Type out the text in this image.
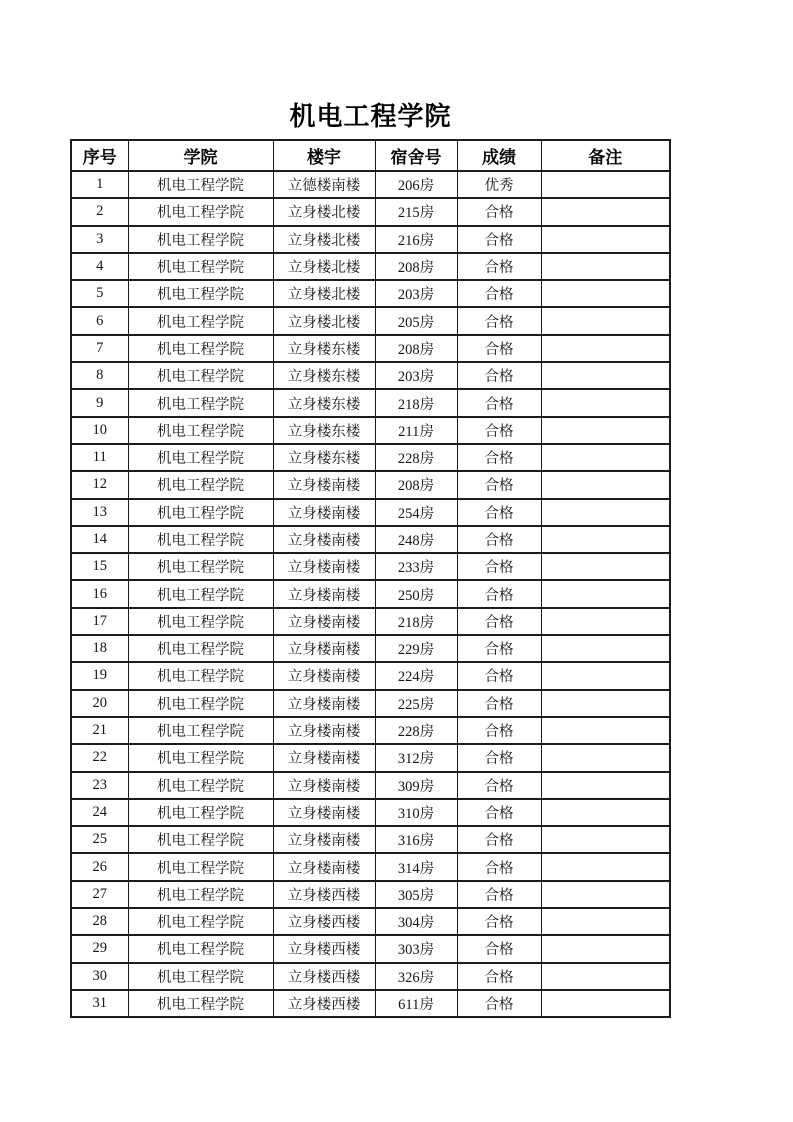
机电工程学院
序号	学院	楼宇	宿舍号	成绩	备注
1	机电工程学院	立德楼南楼	206房	优秀	
2	机电工程学院	立身楼北楼	215房	合格	
3	机电工程学院	立身楼北楼	216房	合格	
4	机电工程学院	立身楼北楼	208房	合格	
5	机电工程学院	立身楼北楼	203房	合格	
6	机电工程学院	立身楼北楼	205房	合格	
7	机电工程学院	立身楼东楼	208房	合格	
8	机电工程学院	立身楼东楼	203房	合格	
9	机电工程学院	立身楼东楼	218房	合格	
10	机电工程学院	立身楼东楼	211房	合格	
11	机电工程学院	立身楼东楼	228房	合格	
12	机电工程学院	立身楼南楼	208房	合格	
13	机电工程学院	立身楼南楼	254房	合格	
14	机电工程学院	立身楼南楼	248房	合格	
15	机电工程学院	立身楼南楼	233房	合格	
16	机电工程学院	立身楼南楼	250房	合格	
17	机电工程学院	立身楼南楼	218房	合格	
18	机电工程学院	立身楼南楼	229房	合格	
19	机电工程学院	立身楼南楼	224房	合格	
20	机电工程学院	立身楼南楼	225房	合格	
21	机电工程学院	立身楼南楼	228房	合格	
22	机电工程学院	立身楼南楼	312房	合格	
23	机电工程学院	立身楼南楼	309房	合格	
24	机电工程学院	立身楼南楼	310房	合格	
25	机电工程学院	立身楼南楼	316房	合格	
26	机电工程学院	立身楼南楼	314房	合格	
27	机电工程学院	立身楼西楼	305房	合格	
28	机电工程学院	立身楼西楼	304房	合格	
29	机电工程学院	立身楼西楼	303房	合格	
30	机电工程学院	立身楼西楼	326房	合格	
31	机电工程学院	立身楼西楼	611房	合格	
